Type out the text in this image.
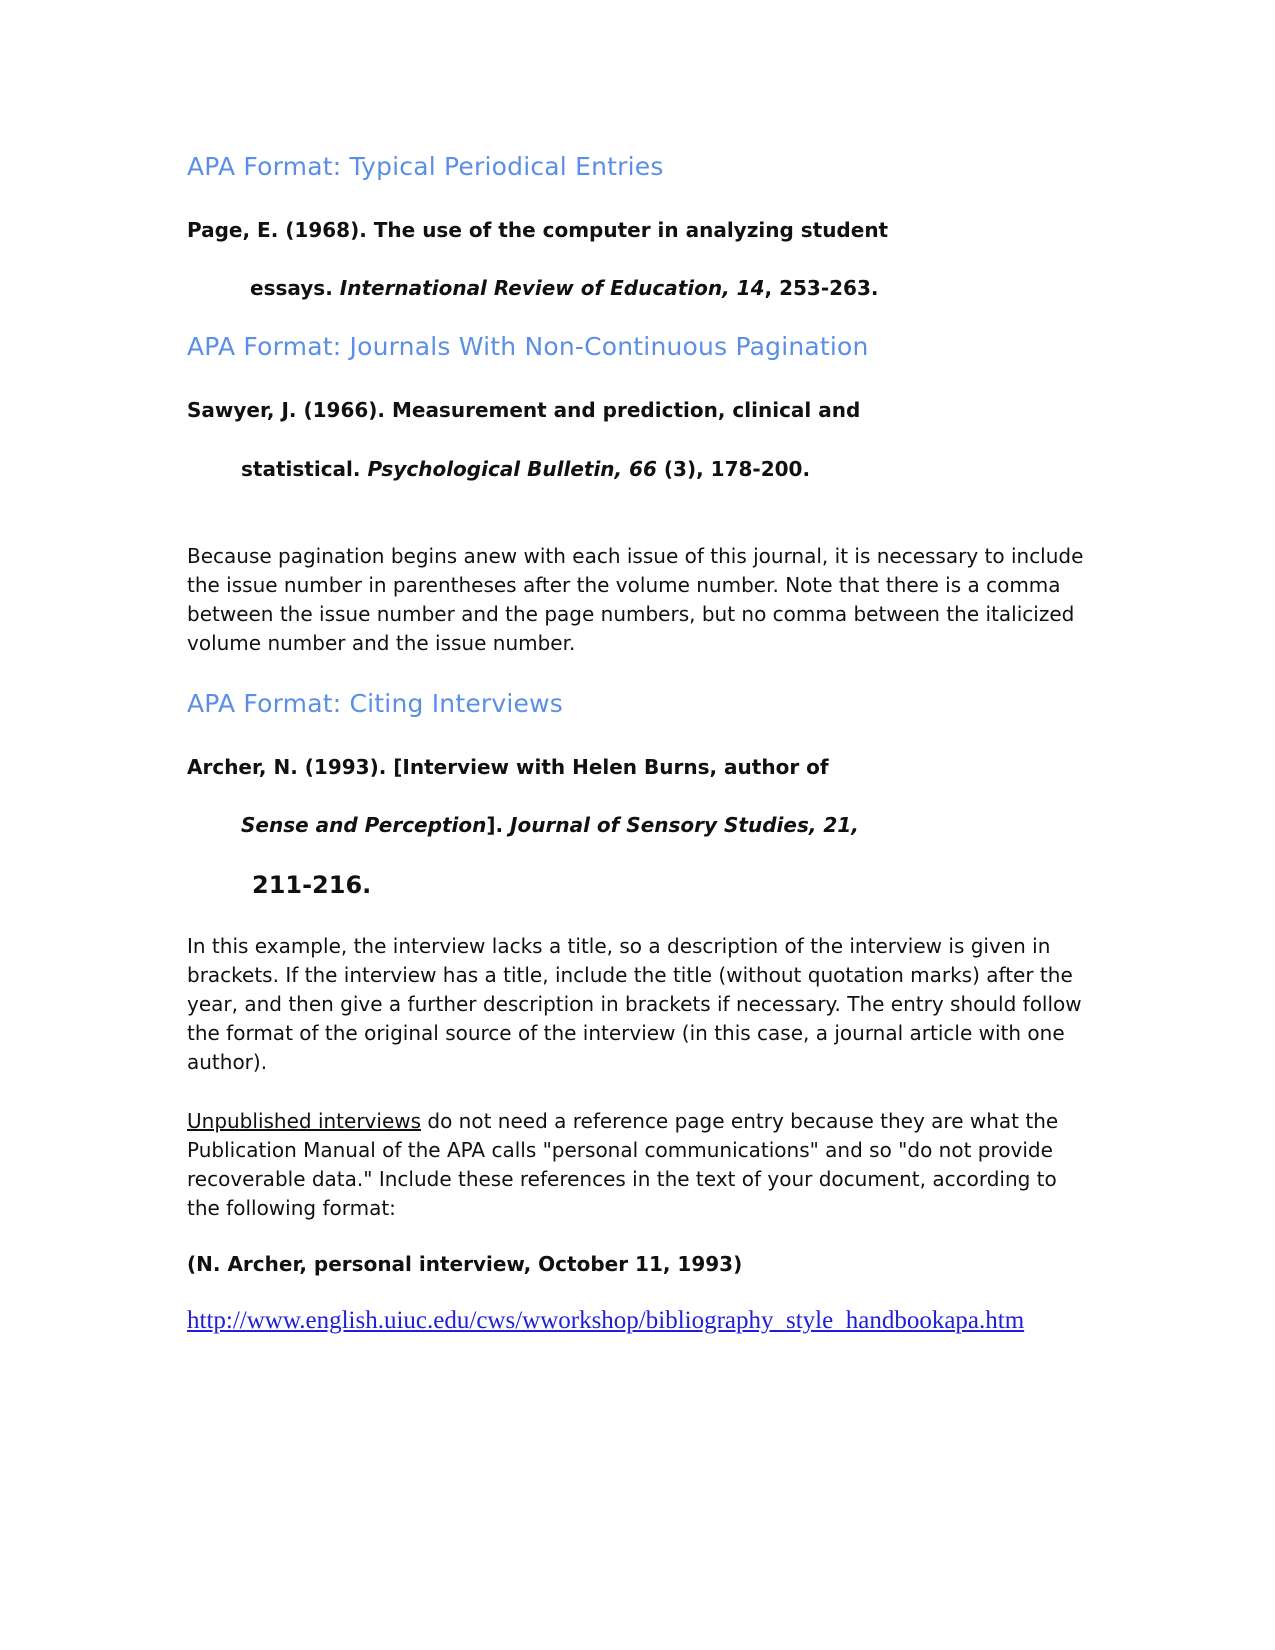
APA Format: Typical Periodical Entries
Page, E. (1968). The use of the computer in analyzing student
essays. International Review of Education, 14, 253-263.
APA Format: Journals With Non-Continuous Pagination
Sawyer, J. (1966). Measurement and prediction, clinical and
statistical. Psychological Bulletin, 66 (3), 178-200.
Because pagination begins anew with each issue of this journal, it is necessary to include the issue number in parentheses after the volume number. Note that there is a comma between the issue number and the page numbers, but no comma between the italicized volume number and the issue number.
APA Format: Citing Interviews
Archer, N. (1993). [Interview with Helen Burns, author of
Sense and Perception]. Journal of Sensory Studies, 21,
211-216.
In this example, the interview lacks a title, so a description of the interview is given in brackets. If the interview has a title, include the title (without quotation marks) after the year, and then give a further description in brackets if necessary. The entry should follow the format of the original source of the interview (in this case, a journal article with one author).
Unpublished interviews do not need a reference page entry because they are what the Publication Manual of the APA calls "personal communications" and so "do not provide recoverable data." Include these references in the text of your document, according to the following format:
(N. Archer, personal interview, October 11, 1993)
http://www.english.uiuc.edu/cws/wworkshop/bibliography_style_handbookapa.htm
